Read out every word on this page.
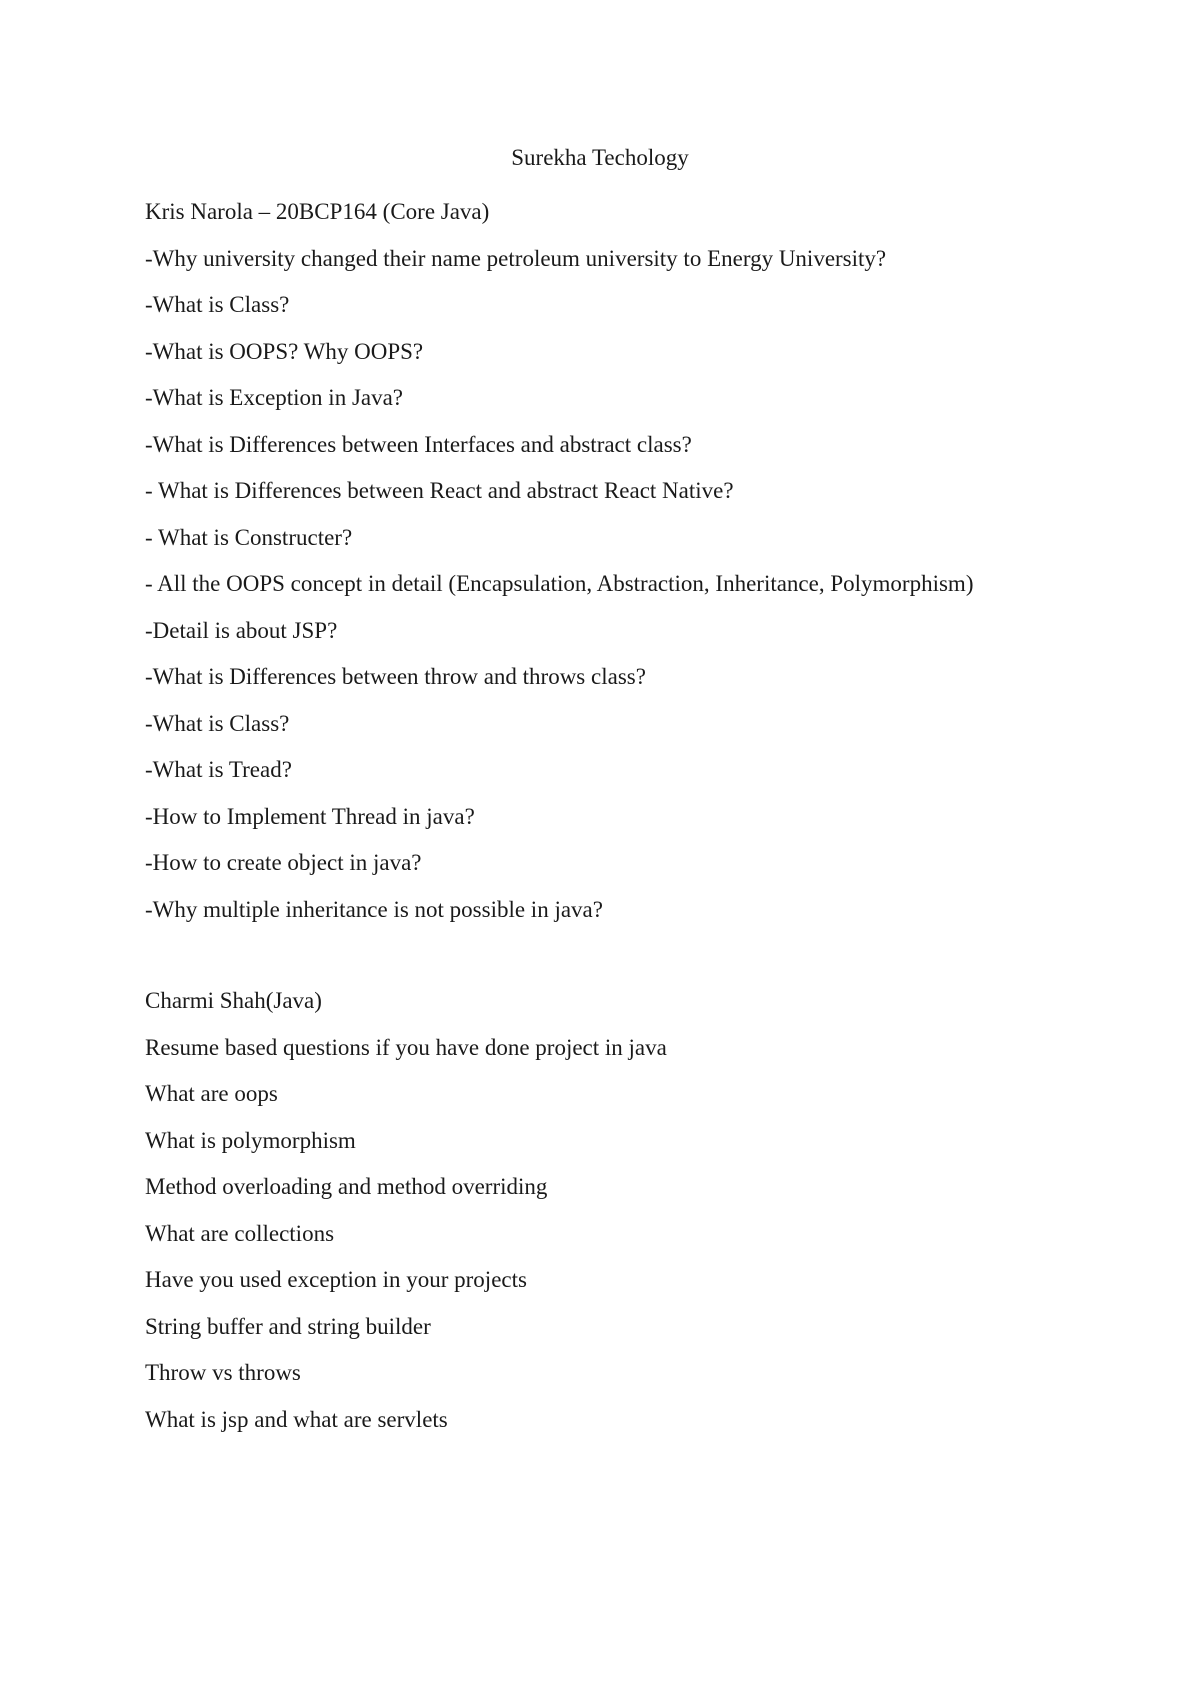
Surekha Techology
Kris Narola – 20BCP164 (Core Java)
-Why university changed their name petroleum university to Energy University?
-What is Class?
-What is OOPS? Why OOPS?
-What is Exception in Java?
-What is Differences between Interfaces and abstract class?
- What is Differences between React and abstract React Native?
- What is Constructer?
- All the OOPS concept in detail (Encapsulation, Abstraction, Inheritance, Polymorphism)
-Detail is about JSP?
-What is Differences between throw and throws class?
-What is Class?
-What is Tread?
-How to Implement Thread in java?
-How to create object in java?
-Why multiple inheritance is not possible in java?
Charmi Shah(Java)
Resume based questions if you have done project in java
What are oops
What is polymorphism
Method overloading and method overriding
What are collections
Have you used exception in your projects
String buffer and string builder
Throw vs throws
What is jsp and what are servlets
